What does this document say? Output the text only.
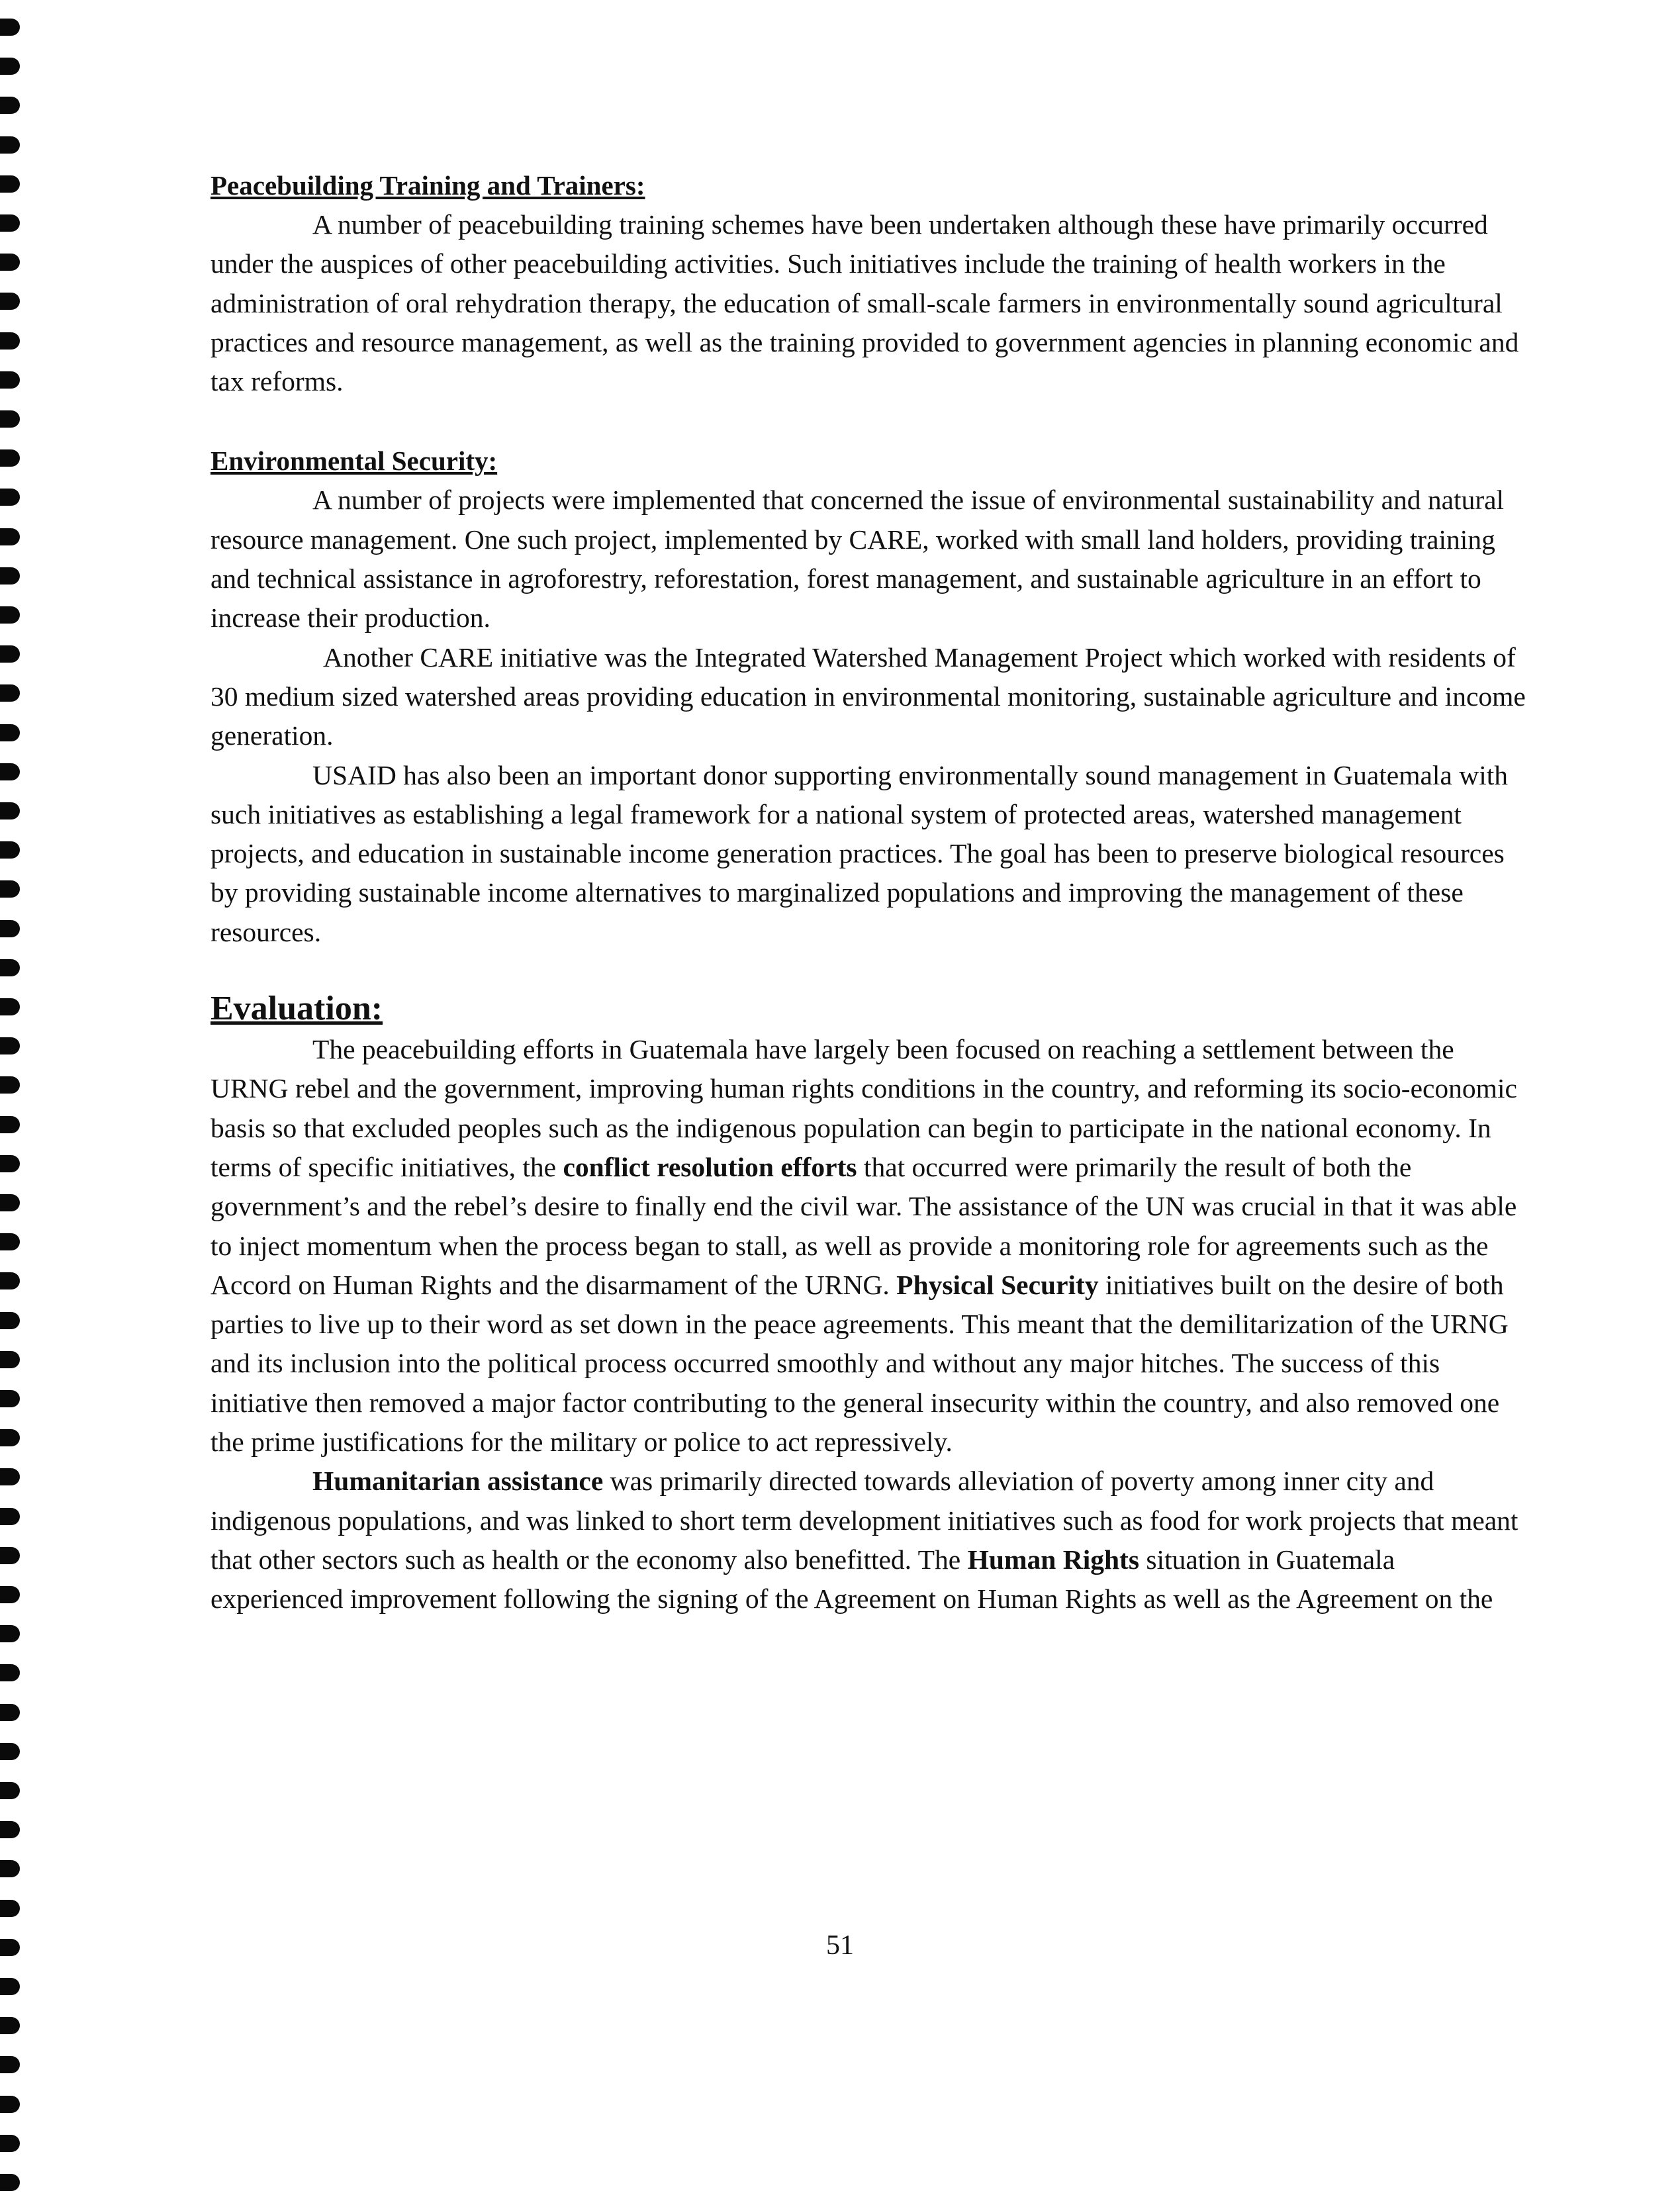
Peacebuilding Training and Trainers:

A number of peacebuilding training schemes have been undertaken although these have primarily occurred under the auspices of other peacebuilding activities. Such initiatives include the training of health workers in the administration of oral rehydration therapy, the education of small-scale farmers in environmentally sound agricultural practices and resource management, as well as the training provided to government agencies in planning economic and tax reforms.

Environmental Security:

A number of projects were implemented that concerned the issue of environmental sustainability and natural resource management. One such project, implemented by CARE, worked with small land holders, providing training and technical assistance in agroforestry, reforestation, forest management, and sustainable agriculture in an effort to increase their production.

Another CARE initiative was the Integrated Watershed Management Project which worked with residents of 30 medium sized watershed areas providing education in environmental monitoring, sustainable agriculture and income generation.

USAID has also been an important donor supporting environmentally sound management in Guatemala with such initiatives as establishing a legal framework for a national system of protected areas, watershed management projects, and education in sustainable income generation practices. The goal has been to preserve biological resources by providing sustainable income alternatives to marginalized populations and improving the management of these resources.

Evaluation:

The peacebuilding efforts in Guatemala have largely been focused on reaching a settlement between the URNG rebel and the government, improving human rights conditions in the country, and reforming its socio-economic basis so that excluded peoples such as the indigenous population can begin to participate in the national economy. In terms of specific initiatives, the conflict resolution efforts that occurred were primarily the result of both the government’s and the rebel’s desire to finally end the civil war. The assistance of the UN was crucial in that it was able to inject momentum when the process began to stall, as well as provide a monitoring role for agreements such as the Accord on Human Rights and the disarmament of the URNG. Physical Security initiatives built on the desire of both parties to live up to their word as set down in the peace agreements. This meant that the demilitarization of the URNG and its inclusion into the political process occurred smoothly and without any major hitches. The success of this initiative then removed a major factor contributing to the general insecurity within the country, and also removed one the prime justifications for the military or police to act repressively.

Humanitarian assistance was primarily directed towards alleviation of poverty among inner city and indigenous populations, and was linked to short term development initiatives such as food for work projects that meant that other sectors such as health or the economy also benefitted. The Human Rights situation in Guatemala experienced improvement following the signing of the Agreement on Human Rights as well as the Agreement on the

51
